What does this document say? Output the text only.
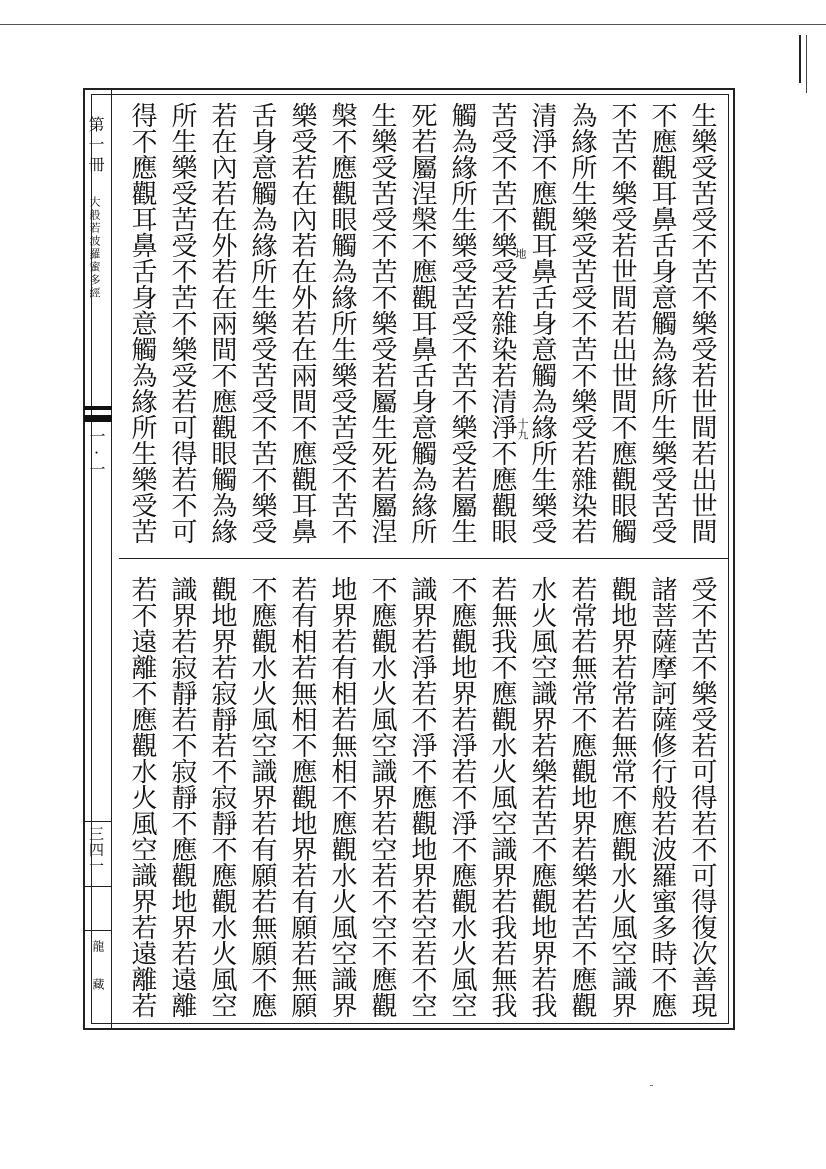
第一冊
大般若波羅蜜多經
一·一
三四一
龍藏
地
十九	生樂受苦受不苦不樂受若世間若出世間
不應觀耳鼻舌身意觸為緣所生樂受苦受
不苦不樂受若世間若出世間不應觀眼觸
為緣所生樂受苦受不苦不樂受若雜染若
清淨不應觀耳鼻舌身意觸為緣所生樂受
苦受不苦不樂受若雜染若清淨不應觀眼
觸為緣所生樂受苦受不苦不樂受若屬生
死若屬涅槃不應觀耳鼻舌身意觸為緣所
生樂受苦受不苦不樂受若屬生死若屬涅
槃不應觀眼觸為緣所生樂受苦受不苦不
樂受若在內若在外若在兩間不應觀耳鼻
舌身意觸為緣所生樂受苦受不苦不樂受
若在內若在外若在兩間不應觀眼觸為緣
所生樂受苦受不苦不樂受若可得若不可
得不應觀耳鼻舌身意觸為緣所生樂受苦
受不苦不樂受若可得若不可得復次善現
諸菩薩摩訶薩修行般若波羅蜜多時不應
觀地界若常若無常不應觀水火風空識界
若常若無常不應觀地界若樂若苦不應觀
水火風空識界若樂若苦不應觀地界若我
若無我不應觀水火風空識界若我若無我
不應觀地界若淨若不淨不應觀水火風空
識界若淨若不淨不應觀地界若空若不空
不應觀水火風空識界若空若不空不應觀
地界若有相若無相不應觀水火風空識界
若有相若無相不應觀地界若有願若無願
不應觀水火風空識界若有願若無願不應
觀地界若寂靜若不寂靜不應觀水火風空
識界若寂靜若不寂靜不應觀地界若遠離
若不遠離不應觀水火風空識界若遠離若
